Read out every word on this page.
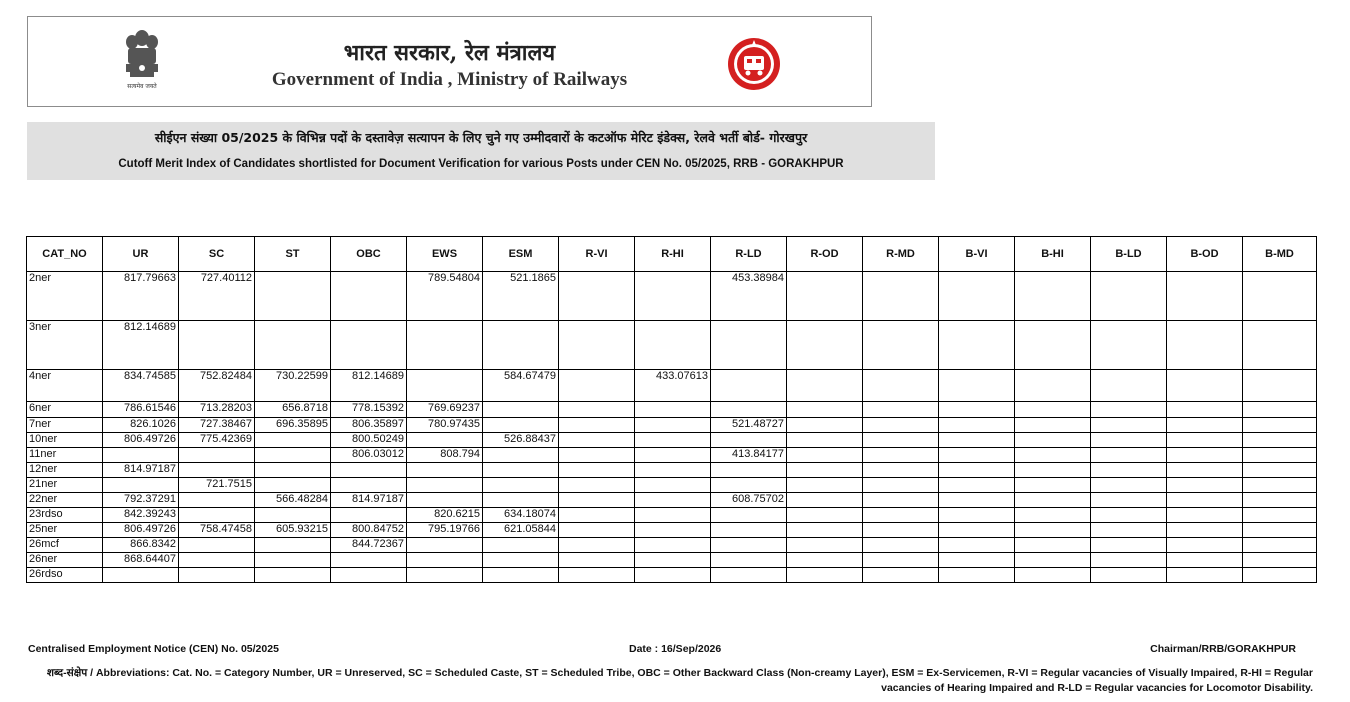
सत्यमेव जयते
भारत सरकार, रेल मंत्रालय
Government of India , Ministry of Railways
सीईएन संख्या 05/2025 के विभिन्न पदों के दस्तावेज़ सत्यापन के लिए चुने गए उम्मीदवारों के कटऑफ मेरिट इंडेक्स, रेलवे भर्ती बोर्ड- गोरखपुर
Cutoff Merit Index of Candidates shortlisted for Document Verification for various Posts under CEN No. 05/2025, RRB - GORAKHPUR
CAT_NO	UR	SC	ST	OBC	EWS	ESM	R-VI	R-HI	R-LD	R-OD	R-MD	B-VI	B-HI	B-LD	B-OD	B-MD
2ner	817.79663	727.40112			789.54804	521.1865			453.38984							
3ner	812.14689															
4ner	834.74585	752.82484	730.22599	812.14689		584.67479		433.07613								
6ner	786.61546	713.28203	656.8718	778.15392	769.69237											
7ner	826.1026	727.38467	696.35895	806.35897	780.97435				521.48727							
10ner	806.49726	775.42369		800.50249		526.88437										
11ner				806.03012	808.794				413.84177							
12ner	814.97187															
21ner		721.7515														
22ner	792.37291		566.48284	814.97187					608.75702							
23rdso	842.39243				820.6215	634.18074										
25ner	806.49726	758.47458	605.93215	800.84752	795.19766	621.05844										
26mcf	866.8342			844.72367												
26ner	868.64407															
26rdso																
Centralised Employment Notice (CEN) No. 05/2025	Date : 16/Sep/2026	Chairman/RRB/GORAKHPUR
शब्द-संक्षेप / Abbreviations: Cat. No. = Category Number, UR = Unreserved, SC = Scheduled Caste, ST = Scheduled Tribe, OBC = Other Backward Class (Non-creamy Layer), ESM = Ex-Servicemen, R-VI = Regular vacancies of Visually Impaired, R-HI = Regular vacancies of Hearing Impaired and R-LD = Regular vacancies for Locomotor Disability.
